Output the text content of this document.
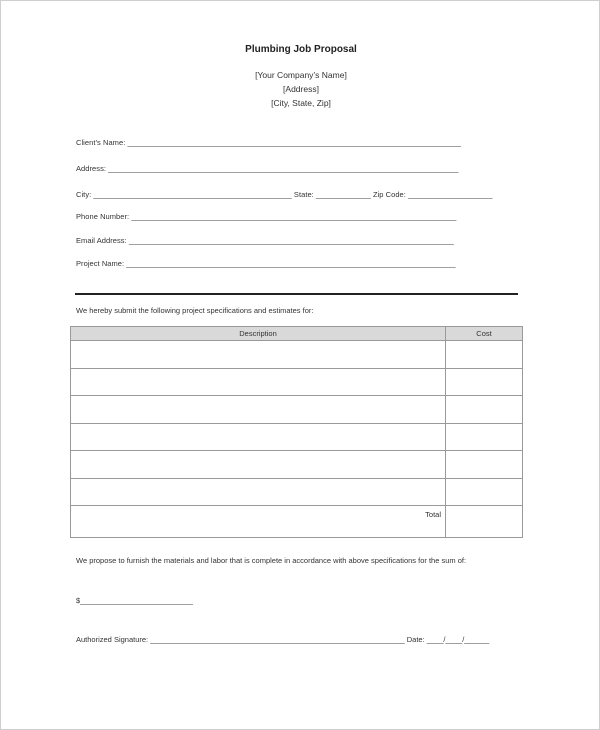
Plumbing Job Proposal
[Your Company’s Name]
[Address]
[City, State, Zip]
Client’s Name: _______________________________________________________________________________
Address: ___________________________________________________________________________________
City: _______________________________________________ State: _____________ Zip Code: ____________________
Phone Number: _____________________________________________________________________________
Email Address: _____________________________________________________________________________
Project Name: ______________________________________________________________________________
We hereby submit the following project specifications and estimates for:
Description	Cost

Total	
We propose to furnish the materials and labor that is complete in accordance with above specifications for the sum of:
$___________________________
Authorized Signature: _____________________________________________________________ Date: ____/____/______
